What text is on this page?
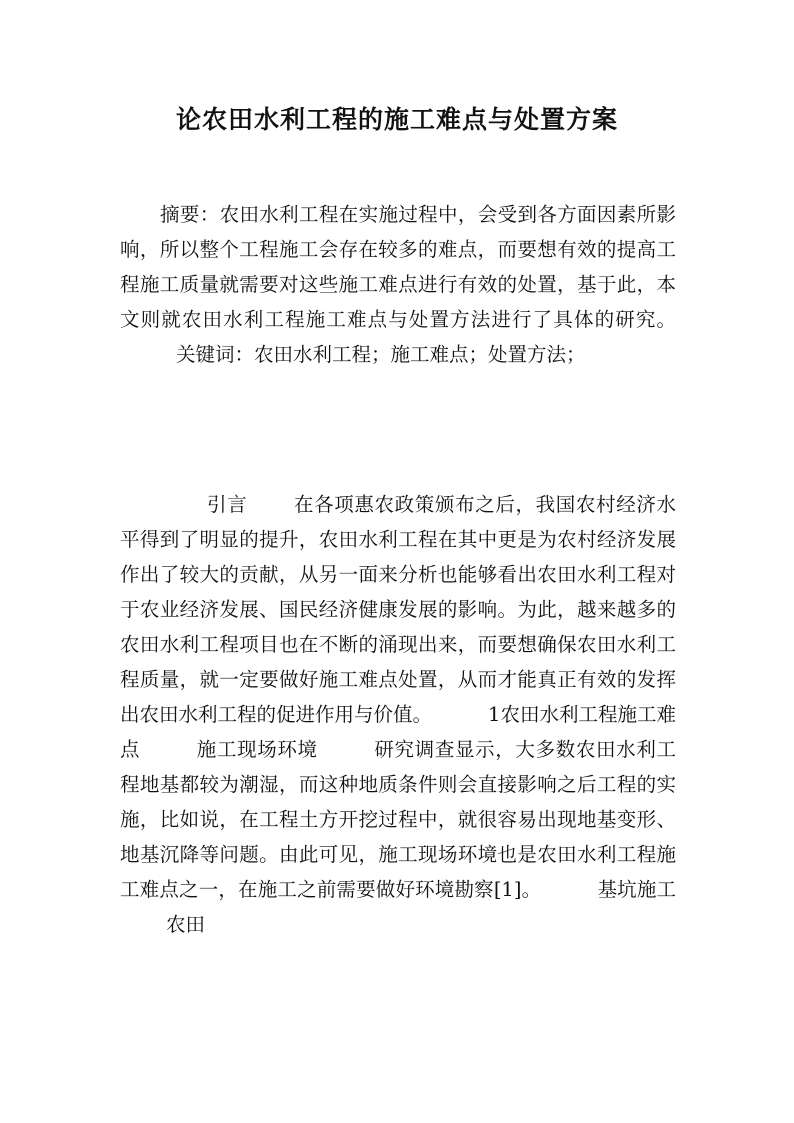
论农田水利工程的施工难点与处置方案
摘要：农田水利工程在实施过程中，会受到各方面因素所影响，所以整个工程施工会存在较多的难点，而要想有效的提高工程施工质量就需要对这些施工难点进行有效的处置，基于此，本文则就农田水利工程施工难点与处置方法进行了具体的研究。关键词：农田水利工程；施工难点；处置方法；
引言 在各项惠农政策颁布之后，我国农村经济水平得到了明显的提升，农田水利工程在其中更是为农村经济发展作出了较大的贡献，从另一面来分析也能够看出农田水利工程对于农业经济发展、国民经济健康发展的影响。为此，越来越多的农田水利工程项目也在不断的涌现出来，而要想确保农田水利工程质量，就一定要做好施工难点处置，从而才能真正有效的发挥出农田水利工程的促进作用与价值。	1农田水利工程施工难点	施工现场环境	研究调查显示，大多数农田水利工程地基都较为潮湿，而这种地质条件则会直接影响之后工程的实施，比如说，在工程土方开挖过程中，就很容易出现地基变形、地基沉降等问题。由此可见，施工现场环境也是农田水利工程施工难点之一，在施工之前需要做好环境勘察[1]。	基坑施工农田
